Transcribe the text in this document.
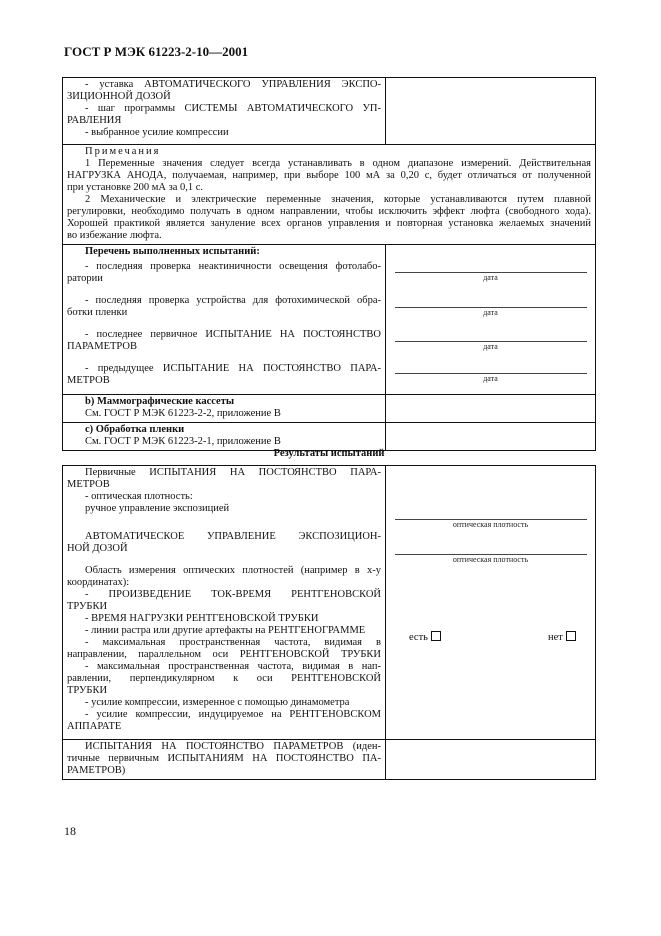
ГОСТ Р МЭК 61223-2-10—2001
- уставка АВТОМАТИЧЕСКОГО УПРАВЛЕНИЯ ЭКСПО-
ЗИЦИОННОЙ ДОЗОЙ
- шаг программы СИСТЕМЫ АВТОМАТИЧЕСКОГО УП-
РАВЛЕНИЯ
- выбранное усилие компрессии
Примечания
1 Переменные значения следует всегда устанавливать в одном диапазоне измерений. Действительная
НАГРУЗКА АНОДА, получаемая, например, при выборе 100 мА за 0,20 с, будет отличаться от полученной
при установке 200 мА за 0,1 с.
2 Механические и электрические переменные значения, которые устанавливаются путем плавной
регулировки, необходимо получать в одном направлении, чтобы исключить эффект люфта (свободного хода).
Хорошей практикой является зануление всех органов управления и повторная установка желаемых значений
во избежание люфта.
Перечень выполненных испытаний:
- последняя проверка неактиничности освещения фотолабо-
ратории
- последняя проверка устройства для фотохимической обра-
ботки пленки
- последнее первичное ИСПЫТАНИЕ НА ПОСТОЯНСТВО
ПАРАМЕТРОВ
- предыдущее ИСПЫТАНИЕ НА ПОСТОЯНСТВО ПАРА-
МЕТРОВ
дата
дата
дата
дата
b) Маммографические кассеты
См. ГОСТ Р МЭК 61223-2-2, приложение В
c) Обработка пленки
См. ГОСТ Р МЭК 61223-2-1, приложение В
Результаты испытаний
Первичные ИСПЫТАНИЯ НА ПОСТОЯНСТВО ПАРА-
МЕТРОВ
- оптическая плотность:
ручное управление экспозицией
АВТОМАТИЧЕСКОЕ УПРАВЛЕНИЕ ЭКСПОЗИЦИОН-
НОЙ ДОЗОЙ
Область измерения оптических плотностей (например в x-y
координатах):
- ПРОИЗВЕДЕНИЕ ТОК-ВРЕМЯ РЕНТГЕНОВСКОЙ
ТРУБКИ
- ВРЕМЯ НАГРУЗКИ РЕНТГЕНОВСКОЙ ТРУБКИ
- линии растра или другие артефакты на РЕНТГЕНОГРАММЕ
- максимальная пространственная частота, видимая в
направлении, параллельном оси РЕНТГЕНОВСКОЙ ТРУБКИ
- максимальная пространственная частота, видимая в нап-
равлении, перпендикулярном к оси РЕНТГЕНОВСКОЙ
ТРУБКИ
- усилие компрессии, измеренное с помощью динамометра
- усилие компрессии, индуцируемое на РЕНТГЕНОВСКОМ
АППАРАТЕ
оптическая плотность
оптическая плотность
ИСПЫТАНИЯ НА ПОСТОЯНСТВО ПАРАМЕТРОВ (иден-
тичные первичным ИСПЫТАНИЯМ НА ПОСТОЯНСТВО ПА-
РАМЕТРОВ)
есть	нет
18
